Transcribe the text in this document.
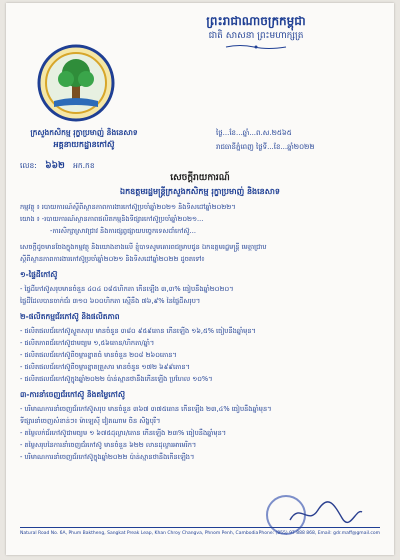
ព្រះរាជាណាចក្រកម្ពុជា
ជាតិ សាសនា ព្រះមហាក្សត្រ
ក្រសួងកសិកម្ម រុក្ខាប្រមាញ់ និងនេសាទ
អគ្គនាយកដ្ឋានកៅស៊ូ
ថ្ងៃ...ខែ...ឆ្នាំ...ព.ស.២៥៦៥
រាជធានីភ្នំពេញ ថ្ងៃទី...ខែ...ឆ្នាំ២០២២
លេខ: ៦៦២ អក.កខ
សេចក្តីរាយការណ៍
ឯកឧត្តមរដ្ឋមន្ត្រីក្រសួងកសិកម្ម រុក្ខាប្រមាញ់ និងនេសាទ
កម្មវត្ថុ ៖ របាយការណ៍ស្តីពីស្ថានភាពការងារកៅស៊ូប្រចាំឆ្នាំ២០២១ និងទិសដៅឆ្នាំ២០២២។
យោង ៖ -របាយការណ៍ស្ថានភាពផលិតកម្មនិងទីផ្សារកៅស៊ូប្រចាំឆ្នាំ២០២១...
-ការសិក្សាស្រាវជ្រាវ និងការផ្សព្វផ្សាយបច្ចេកទេសដាំកៅស៊ូ...
សេចក្តីដូចមានចែងក្នុងកម្មវត្ថុ និងយោងខាងលើ ខ្ញុំបាទសូមគោរពជម្រាបជូន ឯកឧត្តមរដ្ឋមន្ត្រី មេត្តាជ្រាប
ស្តីពីស្ថានភាពការងារកៅស៊ូប្រចាំឆ្នាំ២០២១ និងទិសដៅឆ្នាំ២០២២ ដូចតទៅ៖
១-ផ្ទៃដីកៅស៊ូ
- ផ្ទៃដីកៅស៊ូសរុបមានចំនួន ៤០៤ ០៨៥ហិកតា កើនឡើង ៣,៣% ធៀបនឹងឆ្នាំ២០២០។
ផ្ទៃដីដែលបានចាក់ជ័រ ៣១០ ៦០០ហិកតា ស្មើនឹង ៧៦,៩% នៃផ្ទៃដីសរុប។
២-ផលិតកម្មជ័រកៅស៊ូ និងផលិតភាព
- ផលិតផលជ័រកៅស៊ូស្ងួតសរុប មានចំនួន ៣៨០ ៩៥៩តោន កើនឡើង ១៦,៥% ធៀបនឹងឆ្នាំមុន។
- ផលិតភាពជ័រកៅស៊ូជាមធ្យម ១,៥៦តោន/ហិកតា/ឆ្នាំ។
- ផលិតផលជ័រកៅស៊ូពីចម្ការខ្នាតធំ មានចំនួន ២០៨ ២៦០តោន។
- ផលិតផលជ័រកៅស៊ូពីចម្ការខ្នាតគ្រួសារ មានចំនួន ១៧២ ៦៩៩តោន។
- ផលិតផលជ័រកៅស៊ូក្នុងឆ្នាំ២០២២ ប៉ាន់ស្មានថានឹងកើនឡើង ប្រហែល ១០%។
៣-ការនាំចេញជ័រកៅស៊ូ និងតម្លៃកៅស៊ូ
- បរិមាណការនាំចេញជ័រកៅស៊ូសរុប មានចំនួន ៣៦៧ ៣៧៥តោន កើនឡើង ២៣,៤% ធៀបនឹងឆ្នាំមុន។
ទីផ្សារនាំចេញសំខាន់ៗ៖ ម៉ាឡេស៊ី វៀតណាម ចិន សិង្ហបុរី។
- តម្លៃលក់ជ័រកៅស៊ូជាមធ្យម ១ ៦៧៥ដុល្លារ/តោន កើនឡើង ២៣% ធៀបនឹងឆ្នាំមុន។
- តម្លៃសរុបនៃការនាំចេញជ័រកៅស៊ូ មានចំនួន ៦២២ លានដុល្លារអាមេរិក។
- បរិមាណការនាំចេញជ័រកៅស៊ូក្នុងឆ្នាំ២០២២ ប៉ាន់ស្មានថានឹងកើនឡើង។
Natural Road No. 6A, Phum Baktheng, Sangkat Preak Leap, Khan Chroy Changva, Phnom Penh, Cambodia Phone: (855) 97 888 868, Email: gdr.maff@gmail.com
